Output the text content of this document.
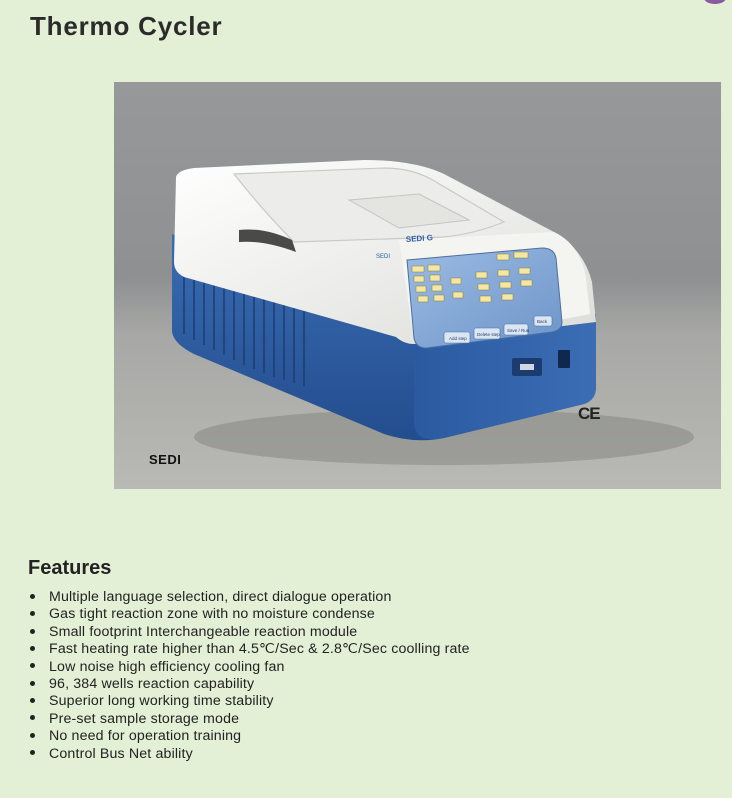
Thermo Cycler
SEDI
SEDI G
Add step
Delete step
Save / Run
Back
SEDI
CE
Features
Multiple language selection, direct dialogue operation
Gas tight reaction zone with no moisture condense
Small footprint Interchangeable reaction module
Fast heating rate higher than 4.5℃/Sec & 2.8℃/Sec coolling rate
Low noise high efficiency cooling fan
96, 384 wells reaction capability
Superior long working time stability
Pre-set sample storage mode
No need for operation training
Control Bus Net ability
